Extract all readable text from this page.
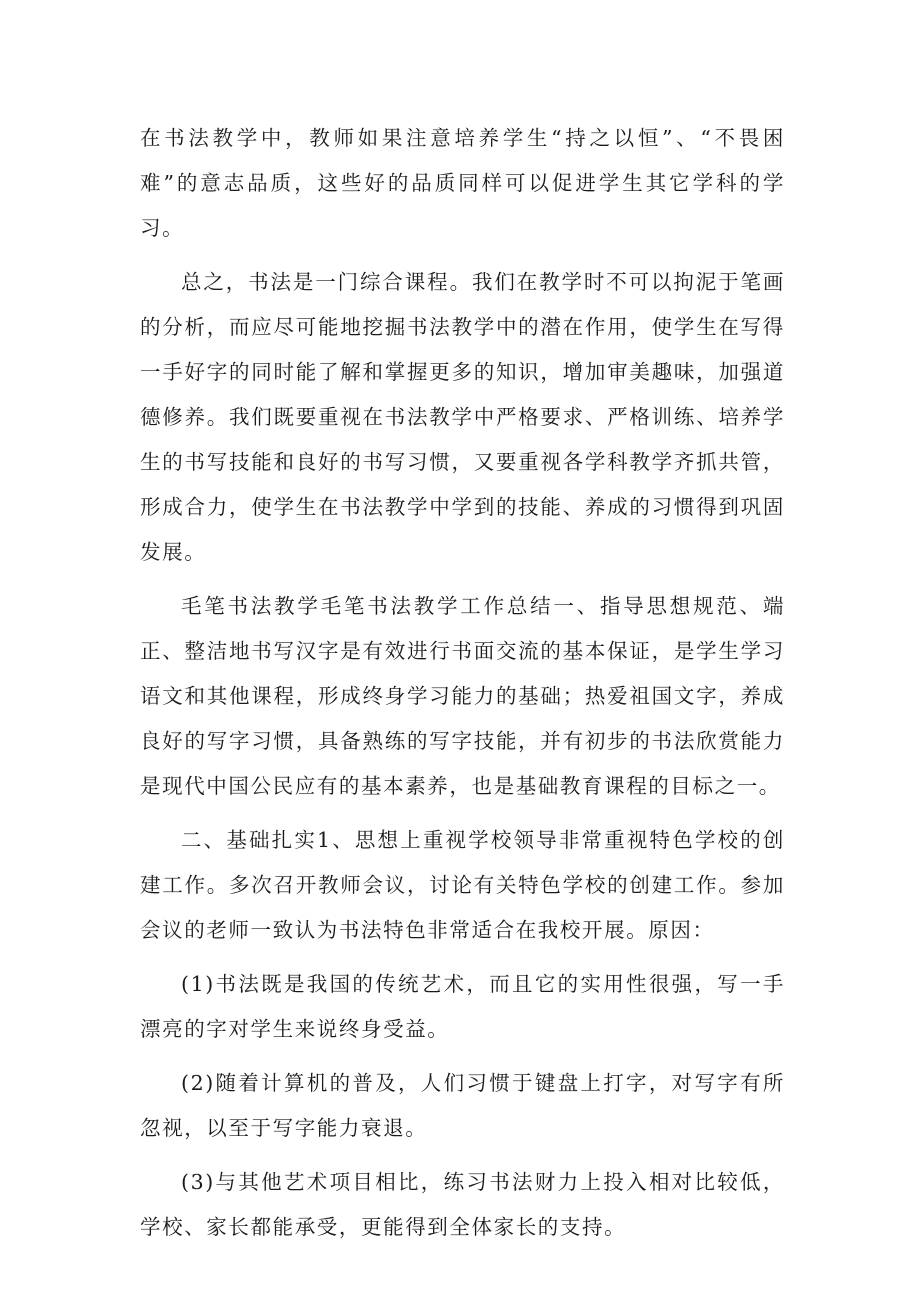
在书法教学中，教师如果注意培养学生“持之以恒”、“不畏困难”的意志品质，这些好的品质同样可以促进学生其它学科的学习。

总之，书法是一门综合课程。我们在教学时不可以拘泥于笔画的分析，而应尽可能地挖掘书法教学中的潜在作用，使学生在写得一手好字的同时能了解和掌握更多的知识，增加审美趣味，加强道德修养。我们既要重视在书法教学中严格要求、严格训练、培养学生的书写技能和良好的书写习惯，又要重视各学科教学齐抓共管，形成合力，使学生在书法教学中学到的技能、养成的习惯得到巩固发展。

毛笔书法教学毛笔书法教学工作总结一、指导思想规范、端正、整洁地书写汉字是有效进行书面交流的基本保证，是学生学习语文和其他课程，形成终身学习能力的基础；热爱祖国文字，养成良好的写字习惯，具备熟练的写字技能，并有初步的书法欣赏能力是现代中国公民应有的基本素养，也是基础教育课程的目标之一。

二、基础扎实1、思想上重视学校领导非常重视特色学校的创建工作。多次召开教师会议，讨论有关特色学校的创建工作。参加会议的老师一致认为书法特色非常适合在我校开展。原因：

(1)书法既是我国的传统艺术，而且它的实用性很强，写一手漂亮的字对学生来说终身受益。

(2)随着计算机的普及，人们习惯于键盘上打字，对写字有所忽视，以至于写字能力衰退。

(3)与其他艺术项目相比，练习书法财力上投入相对比较低，学校、家长都能承受，更能得到全体家长的支持。
